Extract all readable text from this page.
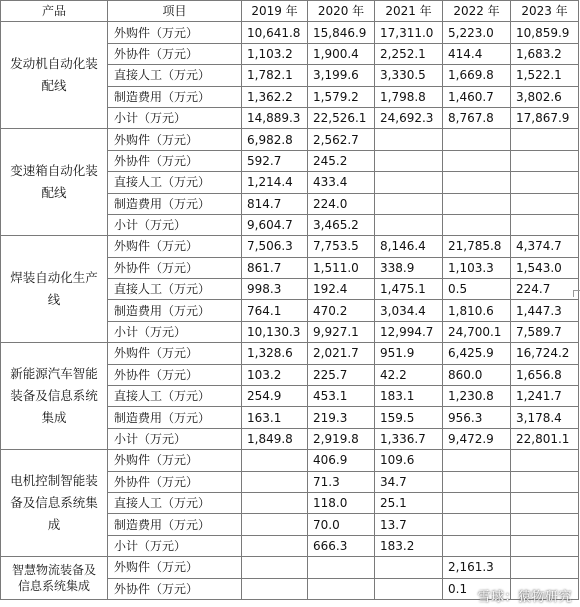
产品	项目	2019 年	2020 年	2021 年	2022 年	2023 年
发动机自动化装配线	外购件（万元）	10,641.8	15,846.9	17,311.0	5,223.0	10,859.9
	外协件（万元）	1,103.2	1,900.4	2,252.1	414.4	1,683.2
	直接人工（万元）	1,782.1	3,199.6	3,330.5	1,669.8	1,522.1
	制造费用（万元）	1,362.2	1,579.2	1,798.8	1,460.7	3,802.6
	小计（万元）	14,889.3	22,526.1	24,692.3	8,767.8	17,867.9
变速箱自动化装配线	外购件（万元）	6,982.8	2,562.7			
	外协件（万元）	592.7	245.2			
	直接人工（万元）	1,214.4	433.4			
	制造费用（万元）	814.7	224.0			
	小计（万元）	9,604.7	3,465.2			
焊装自动化生产线	外购件（万元）	7,506.3	7,753.5	8,146.4	21,785.8	4,374.7
	外协件（万元）	861.7	1,511.0	338.9	1,103.3	1,543.0
	直接人工（万元）	998.3	192.4	1,475.1	0.5	224.7
	制造费用（万元）	764.1	470.2	3,034.4	1,810.6	1,447.3
	小计（万元）	10,130.3	9,927.1	12,994.7	24,700.1	7,589.7
新能源汽车智能装备及信息系统集成	外购件（万元）	1,328.6	2,021.7	951.9	6,425.9	16,724.2
	外协件（万元）	103.2	225.7	42.2	860.0	1,656.8
	直接人工（万元）	254.9	453.1	183.1	1,230.8	1,241.7
	制造费用（万元）	163.1	219.3	159.5	956.3	3,178.4
	小计（万元）	1,849.8	2,919.8	1,336.7	9,472.9	22,801.1
电机控制智能装备及信息系统集成	外购件（万元）		406.9	109.6		
	外协件（万元）		71.3	34.7		
	直接人工（万元）		118.0	25.1		
	制造费用（万元）		70.0	13.7		
	小计（万元）		666.3	183.2		
智慧物流装备及信息系统集成	外购件（万元）				2,161.3	
	外协件（万元）				0.1	
雪球：猿物研究
